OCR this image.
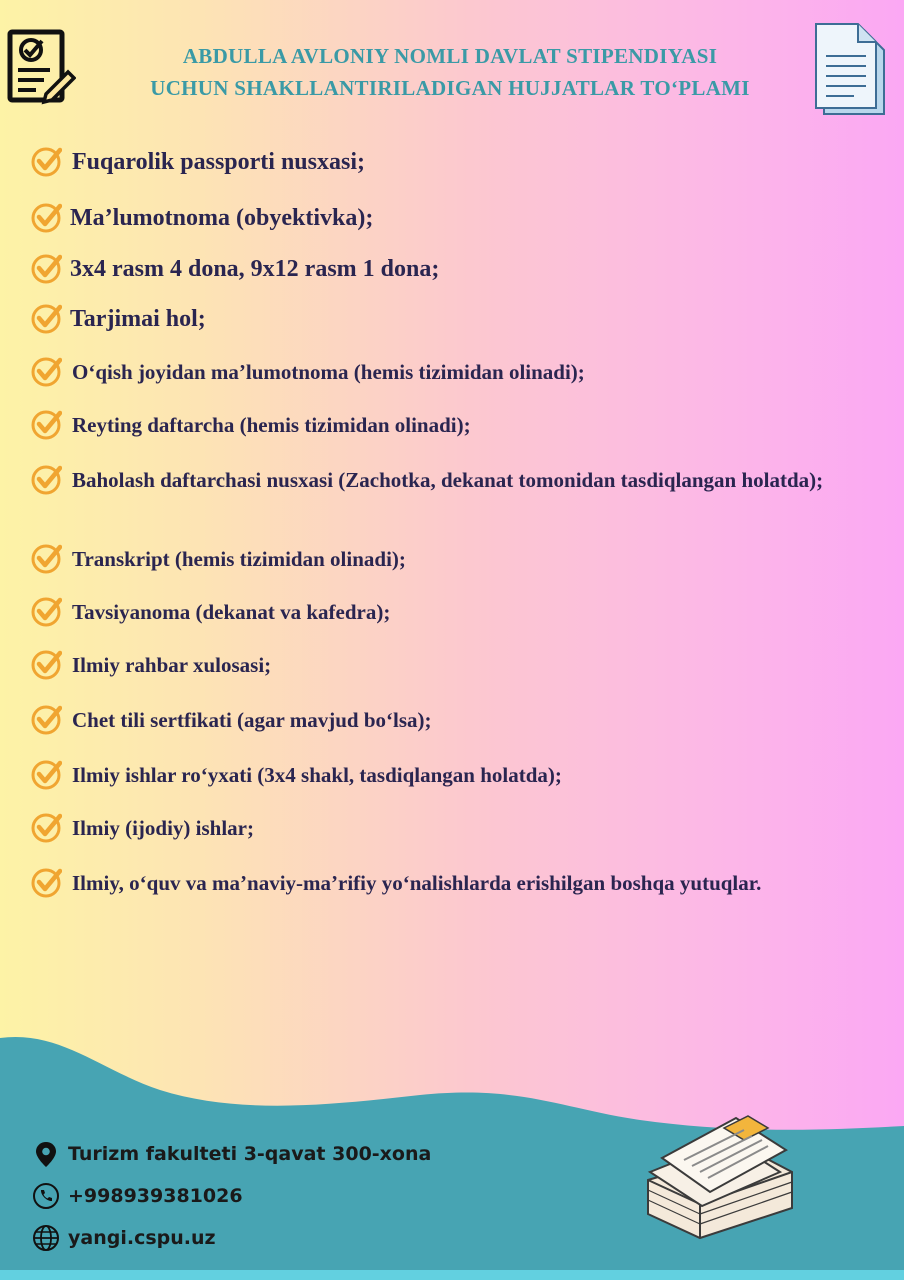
ABDULLA AVLONIY NOMLI DAVLAT STIPENDIYASI
UCHUN SHAKLLANTIRILADIGAN HUJJATLAR TO‘PLAMI
Fuqarolik passporti nusxasi;
Ma’lumotnoma (obyektivka);
3x4 rasm 4 dona, 9x12 rasm 1 dona;
Tarjimai hol;
O‘qish joyidan ma’lumotnoma (hemis tizimidan olinadi);
Reyting daftarcha (hemis tizimidan olinadi);
Baholash daftarchasi nusxasi (Zachotka, dekanat tomonidan tasdiqlangan holatda);
Transkript (hemis tizimidan olinadi);
Tavsiyanoma (dekanat va kafedra);
Ilmiy rahbar xulosasi;
Chet tili sertfikati (agar mavjud bo‘lsa);
Ilmiy ishlar ro‘yxati (3x4 shakl, tasdiqlangan holatda);
Ilmiy (ijodiy) ishlar;
Ilmiy, o‘quv va ma’naviy-ma’rifiy yo‘nalishlarda erishilgan boshqa yutuqlar.
Turizm fakulteti 3-qavat 300-xona
+998939381026
yangi.cspu.uz
